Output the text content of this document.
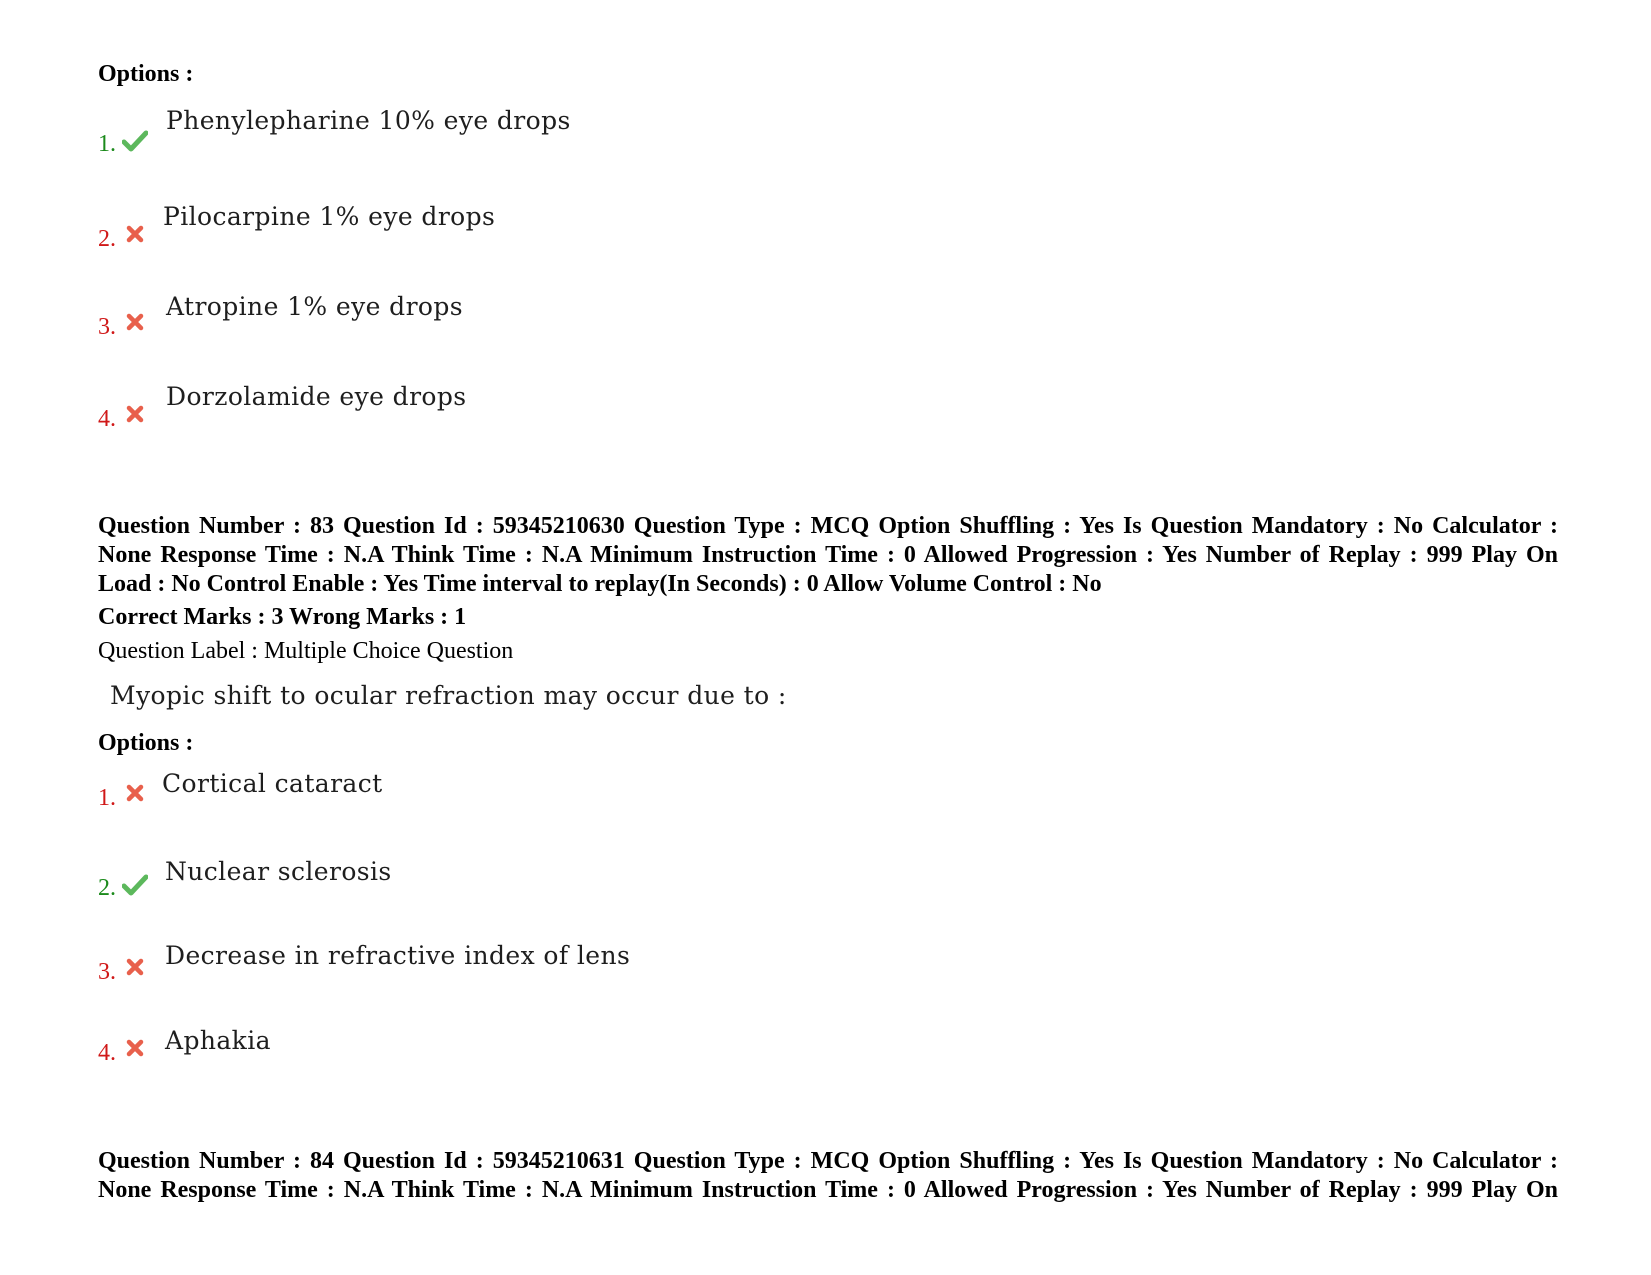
Options :
1.
Phenylepharine 10% eye drops
2.
Pilocarpine 1% eye drops
3.
Atropine 1% eye drops
4.
Dorzolamide eye drops
Question Number : 83 Question Id : 59345210630 Question Type : MCQ Option Shuffling : Yes Is Question Mandatory : No Calculator :
None Response Time : N.A Think Time : N.A Minimum Instruction Time : 0 Allowed Progression : Yes Number of Replay : 999 Play On
Load : No Control Enable : Yes Time interval to replay(In Seconds) : 0 Allow Volume Control : No
Correct Marks : 3 Wrong Marks : 1
Question Label : Multiple Choice Question
Myopic shift to ocular refraction may occur due to :
Options :
1. Cortical cataract
2.
Nuclear sclerosis
3.
Decrease in refractive index of lens
4. Aphakia
Question Number : 84 Question Id : 59345210631 Question Type : MCQ Option Shuffling : Yes Is Question Mandatory : No Calculator :
None Response Time : N.A Think Time : N.A Minimum Instruction Time : 0 Allowed Progression : Yes Number of Replay : 999 Play On
